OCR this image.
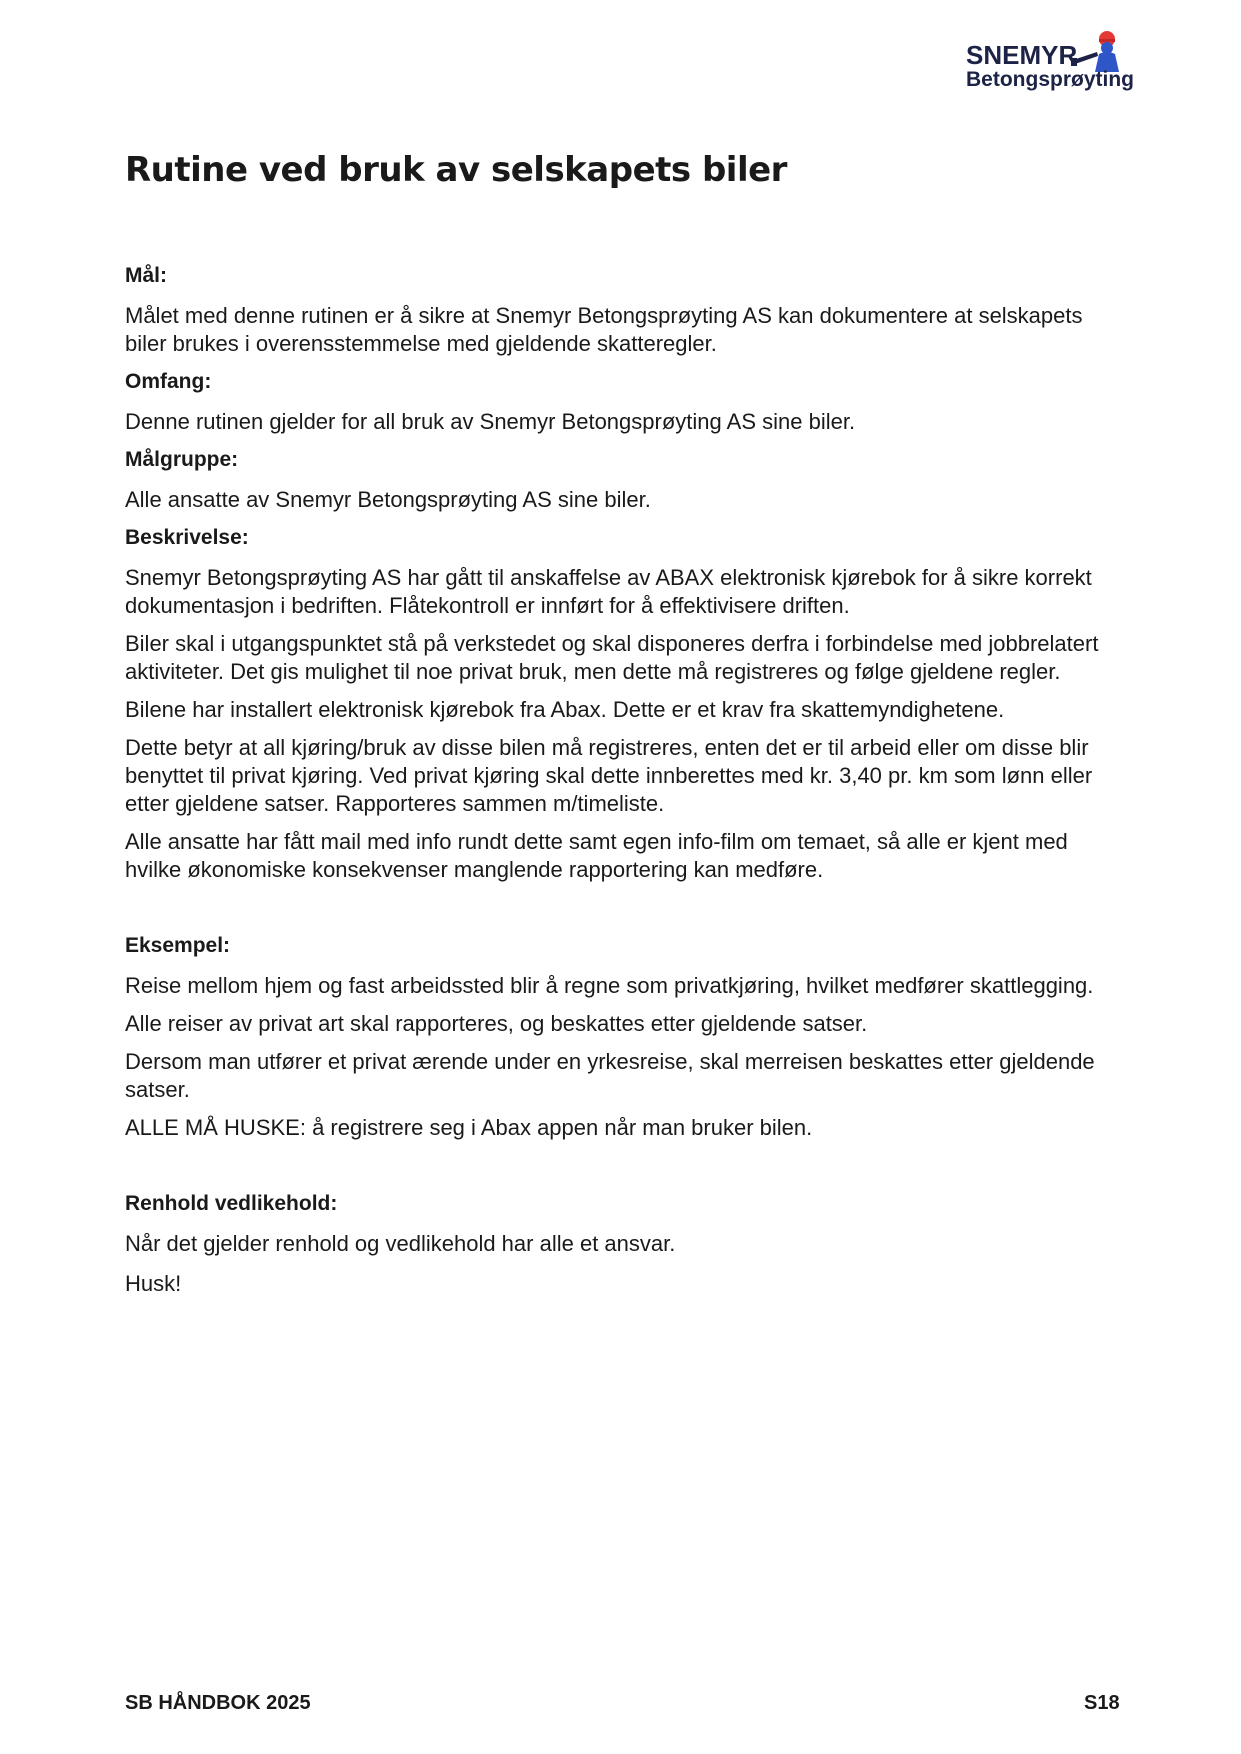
SNEMYR
Betongsprøyting
Rutine ved bruk av selskapets biler

Mål:

Målet med denne rutinen er å sikre at Snemyr Betongsprøyting AS kan dokumentere at selskapets biler brukes i overensstemmelse med gjeldende skatteregler.

Omfang:

Denne rutinen gjelder for all bruk av Snemyr Betongsprøyting AS sine biler.

Målgruppe:

Alle ansatte av Snemyr Betongsprøyting AS sine biler.

Beskrivelse:

Snemyr Betongsprøyting AS har gått til anskaffelse av ABAX elektronisk kjørebok for å sikre korrekt dokumentasjon i bedriften. Flåtekontroll er innført for å effektivisere driften.

Biler skal i utgangspunktet stå på verkstedet og skal disponeres derfra i forbindelse med jobbrelatert aktiviteter. Det gis mulighet til noe privat bruk, men dette må registreres og følge gjeldene regler.

Bilene har installert elektronisk kjørebok fra Abax. Dette er et krav fra skattemyndighetene.

Dette betyr at all kjøring/bruk av disse bilen må registreres, enten det er til arbeid eller om disse blir benyttet til privat kjøring. Ved privat kjøring skal dette innberettes med kr. 3,40 pr. km som lønn eller etter gjeldene satser. Rapporteres sammen m/timeliste.

Alle ansatte har fått mail med info rundt dette samt egen info-film om temaet, så alle er kjent med hvilke økonomiske konsekvenser manglende rapportering kan medføre.

Eksempel:

Reise mellom hjem og fast arbeidssted blir å regne som privatkjøring, hvilket medfører skattlegging.

Alle reiser av privat art skal rapporteres, og beskattes etter gjeldende satser.

Dersom man utfører et privat ærende under en yrkesreise, skal merreisen beskattes etter gjeldende satser.

ALLE MÅ HUSKE: å registrere seg i Abax appen når man bruker bilen.

Renhold vedlikehold:

Når det gjelder renhold og vedlikehold har alle et ansvar.

Husk!

SB HÅNDBOK 2025	S18
